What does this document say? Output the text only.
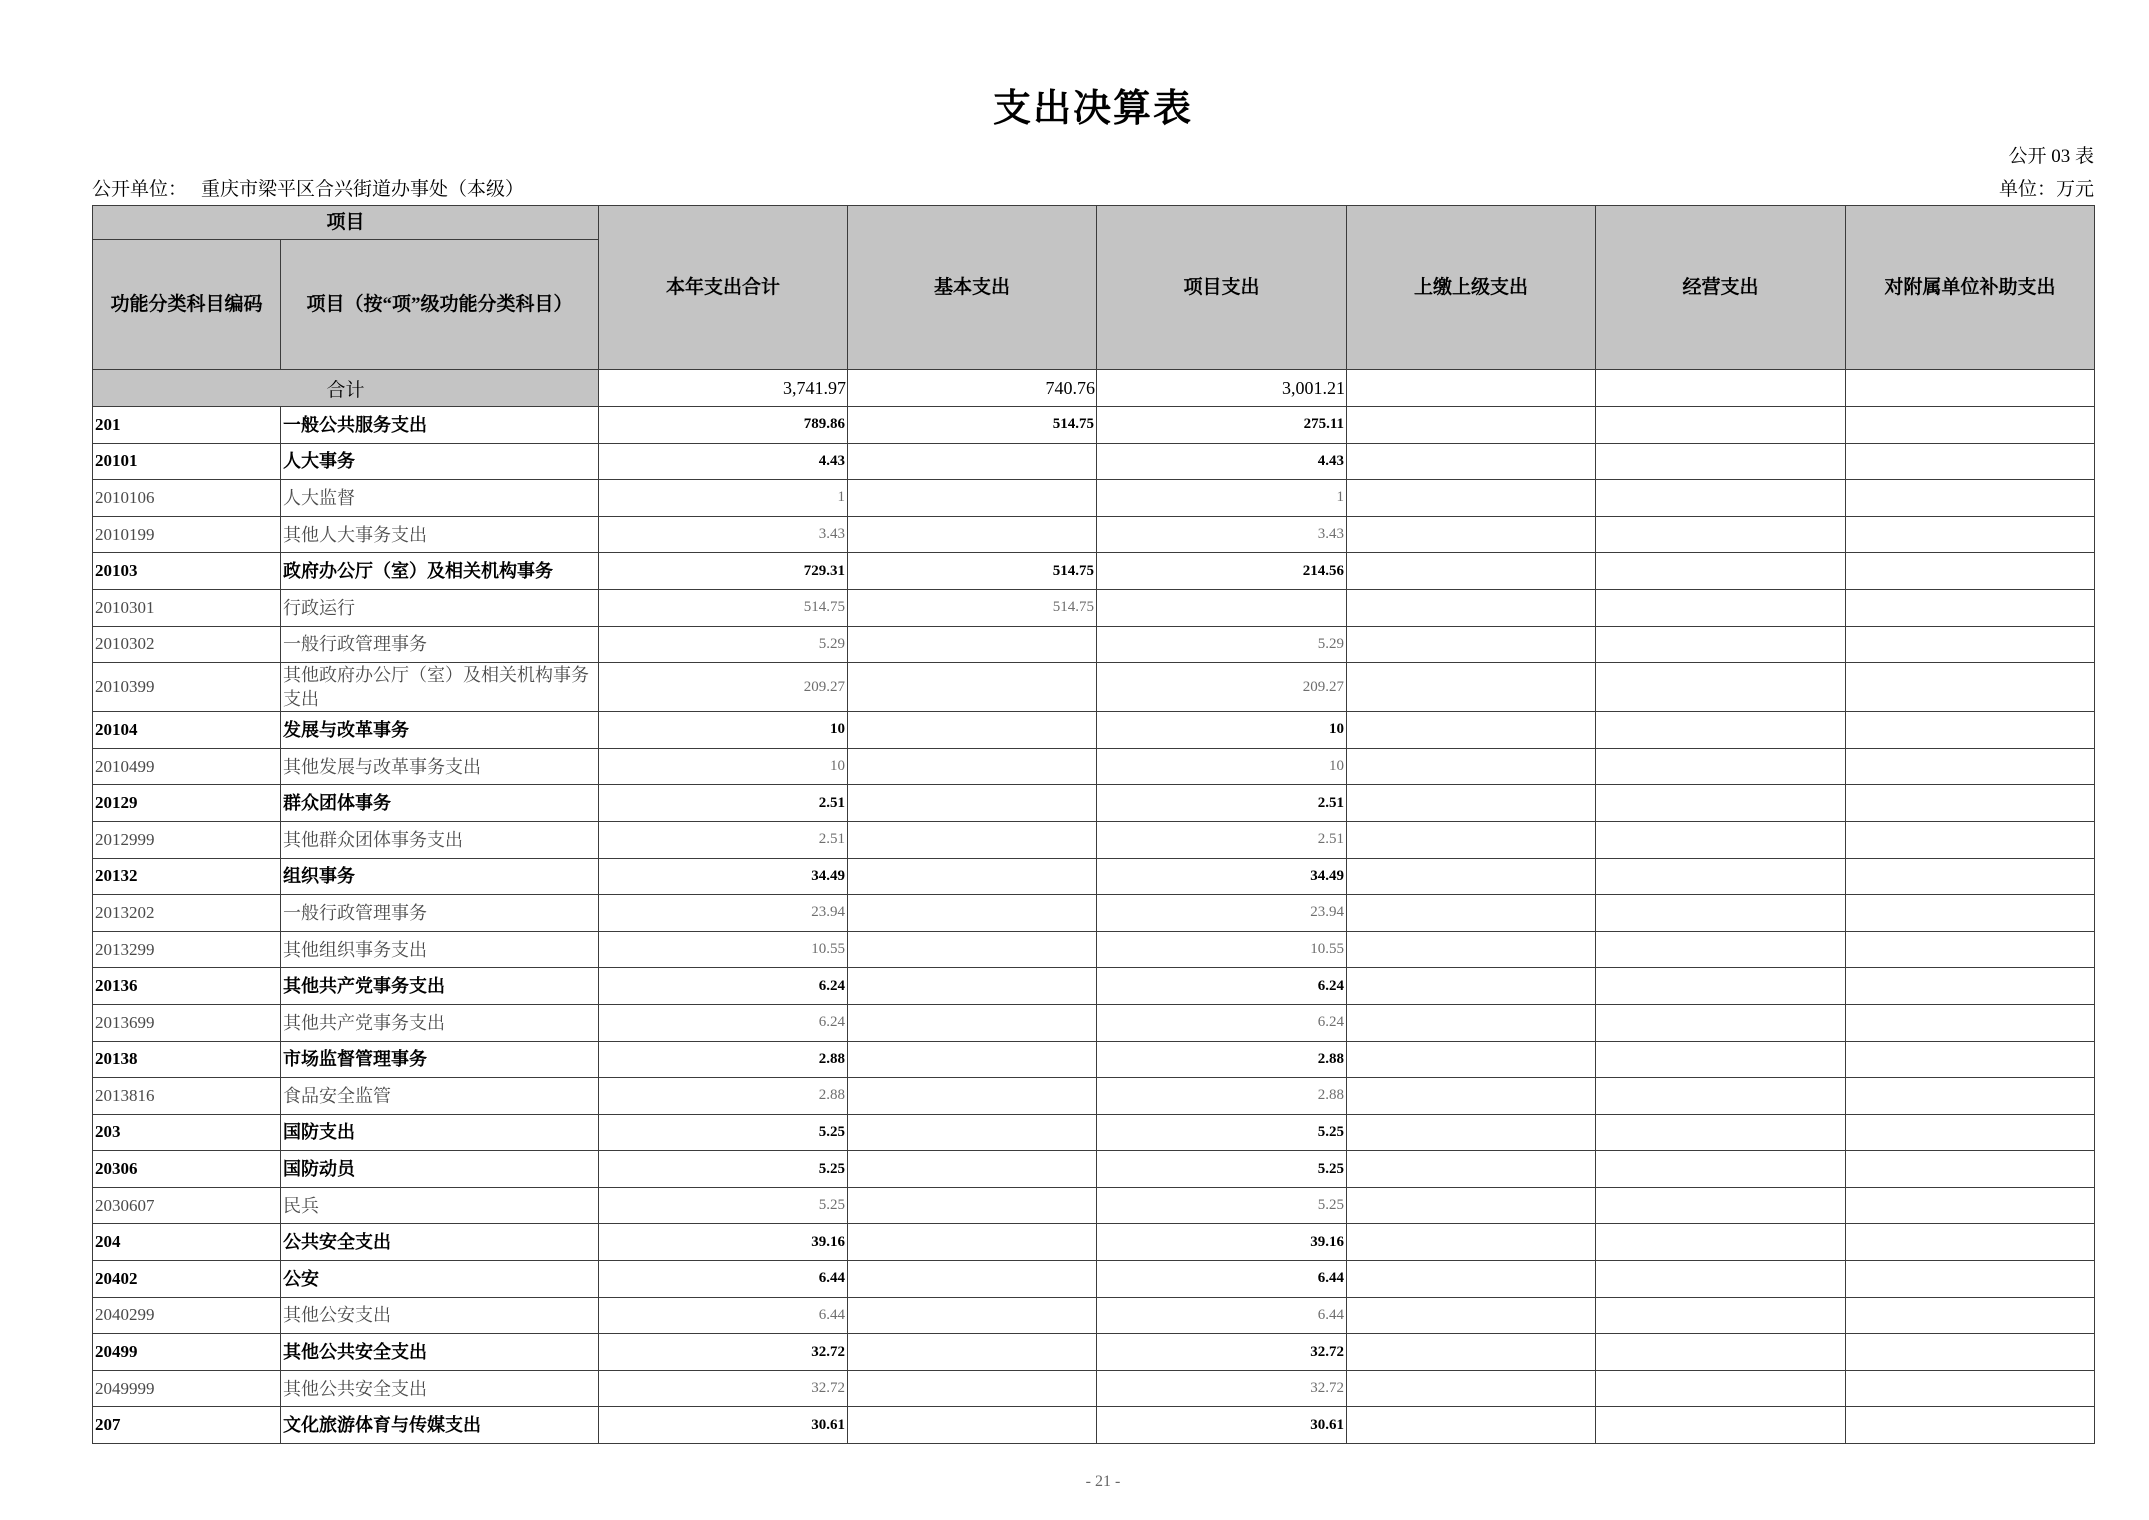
支出决算表
公开 03 表
公开单位： 重庆市梁平区合兴街道办事处（本级）	单位：万元
项目		本年支出合计	基本支出	项目支出	上缴上级支出	经营支出	对附属单位补助支出
功能分类科目编码	项目（按“项”级功能分类科目）						
合计		3,741.97	740.76	3,001.21			
201	一般公共服务支出	789.86	514.75	275.11			
20101	人大事务	4.43		4.43			
2010106	人大监督	1		1			
2010199	其他人大事务支出	3.43		3.43			
20103	政府办公厅（室）及相关机构事务	729.31	514.75	214.56			
2010301	行政运行	514.75	514.75				
2010302	一般行政管理事务	5.29		5.29			
2010399	其他政府办公厅（室）及相关机构事务支出	209.27		209.27			
20104	发展与改革事务	10		10			
2010499	其他发展与改革事务支出	10		10			
20129	群众团体事务	2.51		2.51			
2012999	其他群众团体事务支出	2.51		2.51			
20132	组织事务	34.49		34.49			
2013202	一般行政管理事务	23.94		23.94			
2013299	其他组织事务支出	10.55		10.55			
20136	其他共产党事务支出	6.24		6.24			
2013699	其他共产党事务支出	6.24		6.24			
20138	市场监督管理事务	2.88		2.88			
2013816	食品安全监管	2.88		2.88			
203	国防支出	5.25		5.25			
20306	国防动员	5.25		5.25			
2030607	民兵	5.25		5.25			
204	公共安全支出	39.16		39.16			
20402	公安	6.44		6.44			
2040299	其他公安支出	6.44		6.44			
20499	其他公共安全支出	32.72		32.72			
2049999	其他公共安全支出	32.72		32.72			
207	文化旅游体育与传媒支出	30.61		30.61			
- 21 -
